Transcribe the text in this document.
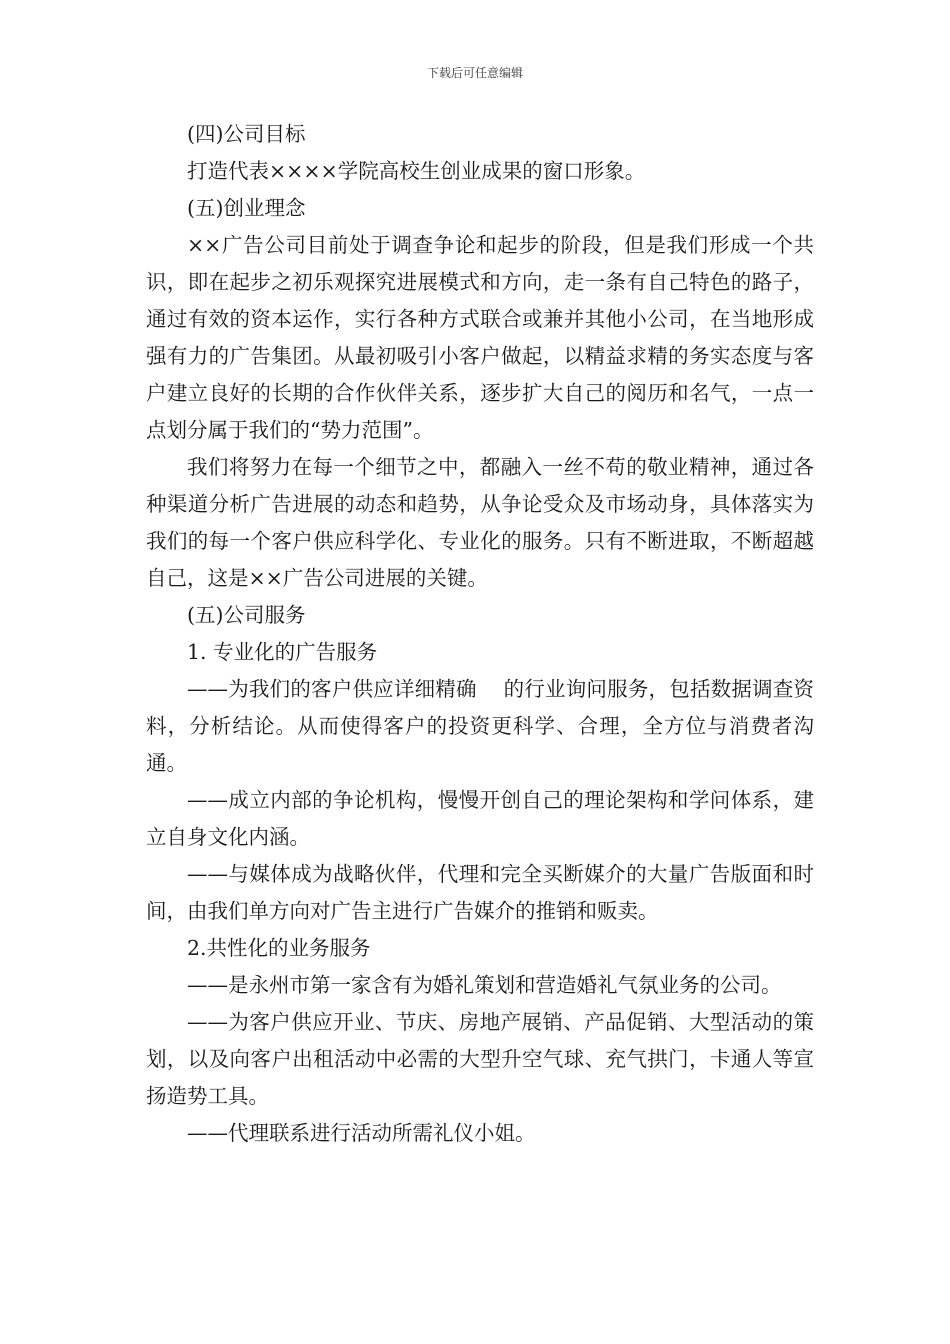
下载后可任意编辑

(四)公司目标

打造代表××××学院高校生创业成果的窗口形象。

(五)创业理念

××广告公司目前处于调查争论和起步的阶段，但是我们形成一个共识，即在起步之初乐观探究进展模式和方向，走一条有自己特色的路子，通过有效的资本运作，实行各种方式联合或兼并其他小公司，在当地形成强有力的广告集团。从最初吸引小客户做起，以精益求精的务实态度与客户建立良好的长期的合作伙伴关系，逐步扩大自己的阅历和名气，一点一点划分属于我们的“势力范围”。

我们将努力在每一个细节之中，都融入一丝不苟的敬业精神，通过各种渠道分析广告进展的动态和趋势，从争论受众及市场动身，具体落实为我们的每一个客户供应科学化、专业化的服务。只有不断进取，不断超越自己，这是××广告公司进展的关键。

(五)公司服务

1. 专业化的广告服务

——为我们的客户供应详细精确    的行业询问服务，包括数据调查资料，分析结论。从而使得客户的投资更科学、合理，全方位与消费者沟通。

——成立内部的争论机构，慢慢开创自己的理论架构和学问体系，建立自身文化内涵。

——与媒体成为战略伙伴，代理和完全买断媒介的大量广告版面和时间，由我们单方向对广告主进行广告媒介的推销和贩卖。

2.共性化的业务服务

——是永州市第一家含有为婚礼策划和营造婚礼气氛业务的公司。

——为客户供应开业、节庆、房地产展销、产品促销、大型活动的策划，以及向客户出租活动中必需的大型升空气球、充气拱门，卡通人等宣扬造势工具。

——代理联系进行活动所需礼仪小姐。
